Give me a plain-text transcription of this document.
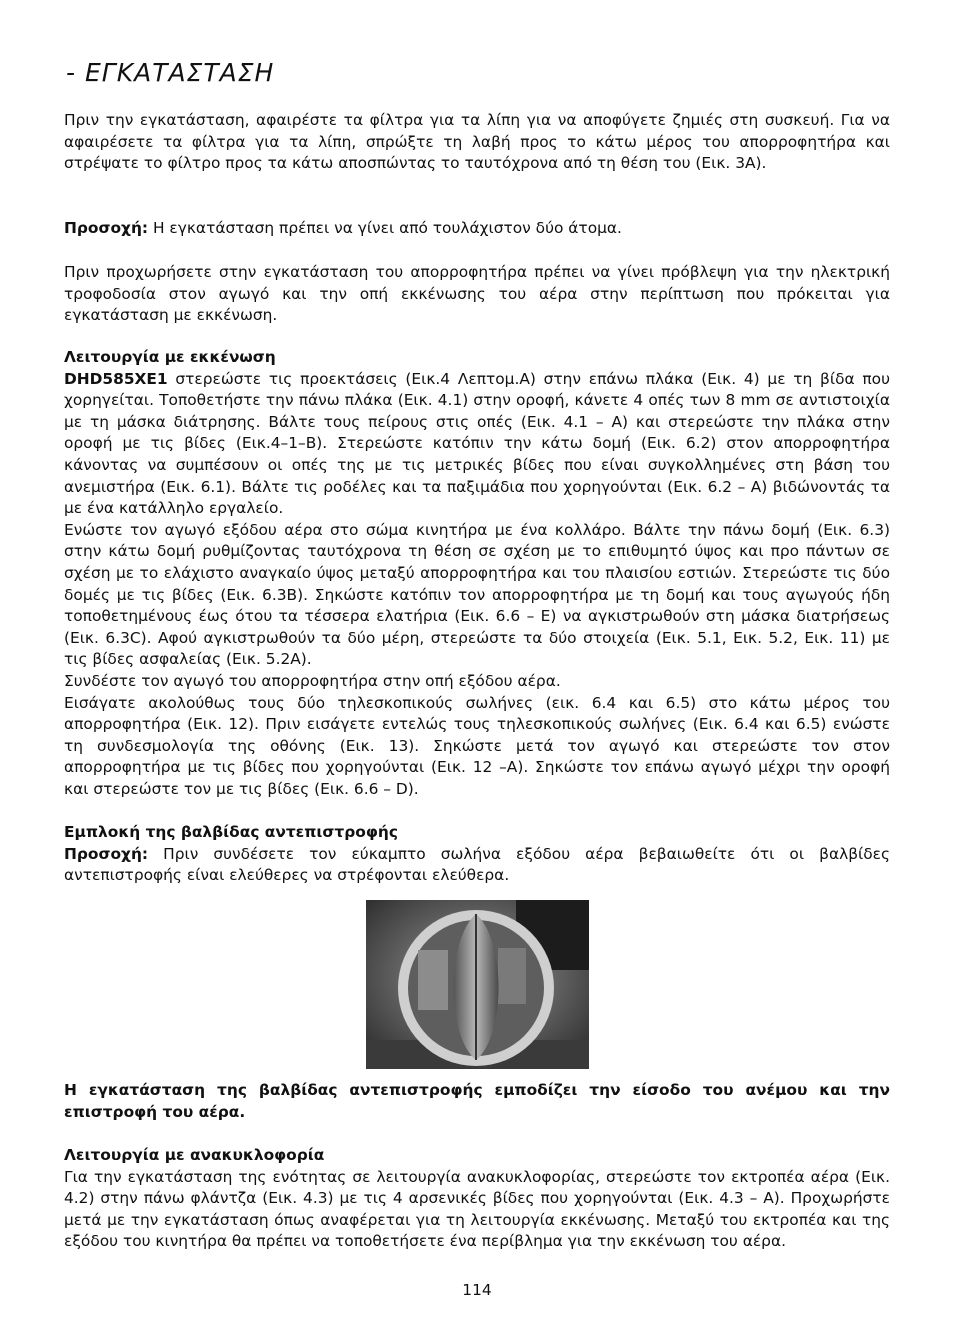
- ΕΓΚΑΤΑΣΤΑΣΗ

Πριν την εγκατάσταση, αφαιρέστε τα φίλτρα για τα λίπη για να αποφύγετε ζημιές στη συσκευή. Για να αφαιρέσετε τα φίλτρα για τα λίπη, σπρώξτε τη λαβή προς το κάτω μέρος του απορροφητήρα και στρέψατε το φίλτρο προς τα κάτω αποσπώντας το ταυτόχρονα από τη θέση του (Εικ. 3Α).

Προσοχή: Η εγκατάσταση πρέπει να γίνει από τουλάχιστον δύο άτομα.

Πριν προχωρήσετε στην εγκατάσταση του απορροφητήρα πρέπει να γίνει πρόβλεψη για την ηλεκτρική τροφοδοσία στον αγωγό και την οπή εκκένωσης του αέρα στην περίπτωση που πρόκειται για εγκατάσταση με εκκένωση.

Λειτουργία με εκκένωση

DHD585XE1 στερεώστε τις προεκτάσεις (Εικ.4 Λεπτομ.Α) στην επάνω πλάκα (Εικ. 4) με τη βίδα που χορηγείται. Τοποθετήστε την πάνω πλάκα (Εικ. 4.1) στην οροφή, κάνετε 4 οπές των 8 mm σε αντιστοιχία με τη μάσκα διάτρησης. Βάλτε τους πείρους στις οπές (Εικ. 4.1 – Α) και στερεώστε την πλάκα στην οροφή με τις βίδες (Εικ.4–1–Β). Στερεώστε κατόπιν την κάτω δομή (Εικ. 6.2) στον απορροφητήρα κάνοντας να συμπέσουν οι οπές της με τις μετρικές βίδες που είναι συγκολλημένες στη βάση του ανεμιστήρα (Εικ. 6.1). Βάλτε τις ροδέλες και τα παξιμάδια που χορηγούνται (Εικ. 6.2 – Α) βιδώνοντάς τα με ένα κατάλληλο εργαλείο.

Ενώστε τον αγωγό εξόδου αέρα στο σώμα κινητήρα με ένα κολλάρο. Βάλτε την πάνω δομή (Εικ. 6.3) στην κάτω δομή ρυθμίζοντας ταυτόχρονα τη θέση σε σχέση με το επιθυμητό ύψος και προ πάντων σε σχέση με το ελάχιστο αναγκαίο ύψος μεταξύ απορροφητήρα και του πλαισίου εστιών. Στερεώστε τις δύο δομές με τις βίδες (Εικ. 6.3B). Σηκώστε κατόπιν τον απορροφητήρα με τη δομή και τους αγωγούς ήδη τοποθετημένους έως ότου τα τέσσερα ελατήρια (Εικ. 6.6 – Ε) να αγκιστρωθούν στη μάσκα διατρήσεως (Εικ. 6.3C). Αφού αγκιστρωθούν τα δύο μέρη, στερεώστε τα δύο στοιχεία (Εικ. 5.1, Εικ. 5.2, Εικ. 11) με τις βίδες ασφαλείας (Εικ. 5.2A).

Συνδέστε τον αγωγό του απορροφητήρα στην οπή εξόδου αέρα.

Εισάγατε ακολούθως τους δύο τηλεσκοπικούς σωλήνες (εικ. 6.4 και 6.5) στο κάτω μέρος του απορροφητήρα (Εικ. 12). Πριν εισάγετε εντελώς τους τηλεσκοπικούς σωλήνες (Εικ. 6.4 και 6.5) ενώστε τη συνδεσμολογία της οθόνης (Εικ. 13). Σηκώστε μετά τον αγωγό και στερεώστε τον στον απορροφητήρα με τις βίδες που χορηγούνται (Εικ. 12 –Α). Σηκώστε τον επάνω αγωγό μέχρι την οροφή και στερεώστε τον με τις βίδες (Εικ. 6.6 – D).

Εμπλοκή της βαλβίδας αντεπιστροφής

Προσοχή: Πριν συνδέσετε τον εύκαμπτο σωλήνα εξόδου αέρα βεβαιωθείτε ότι οι βαλβίδες αντεπιστροφής είναι ελεύθερες να στρέφονται ελεύθερα.

Η εγκατάσταση της βαλβίδας αντεπιστροφής εμποδίζει την είσοδο του ανέμου και την επιστροφή του αέρα.

Λειτουργία με ανακυκλοφορία

Για την εγκατάσταση της ενότητας σε λειτουργία ανακυκλοφορίας, στερεώστε τον εκτροπέα αέρα (Εικ. 4.2) στην πάνω φλάντζα (Εικ. 4.3) με τις 4 αρσενικές βίδες που χορηγούνται (Εικ. 4.3 – Α). Προχωρήστε μετά με την εγκατάσταση όπως αναφέρεται για τη λειτουργία εκκένωσης. Μεταξύ του εκτροπέα και της εξόδου του κινητήρα θα πρέπει να τοποθετήσετε ένα περίβλημα για την εκκένωση του αέρα.

114
